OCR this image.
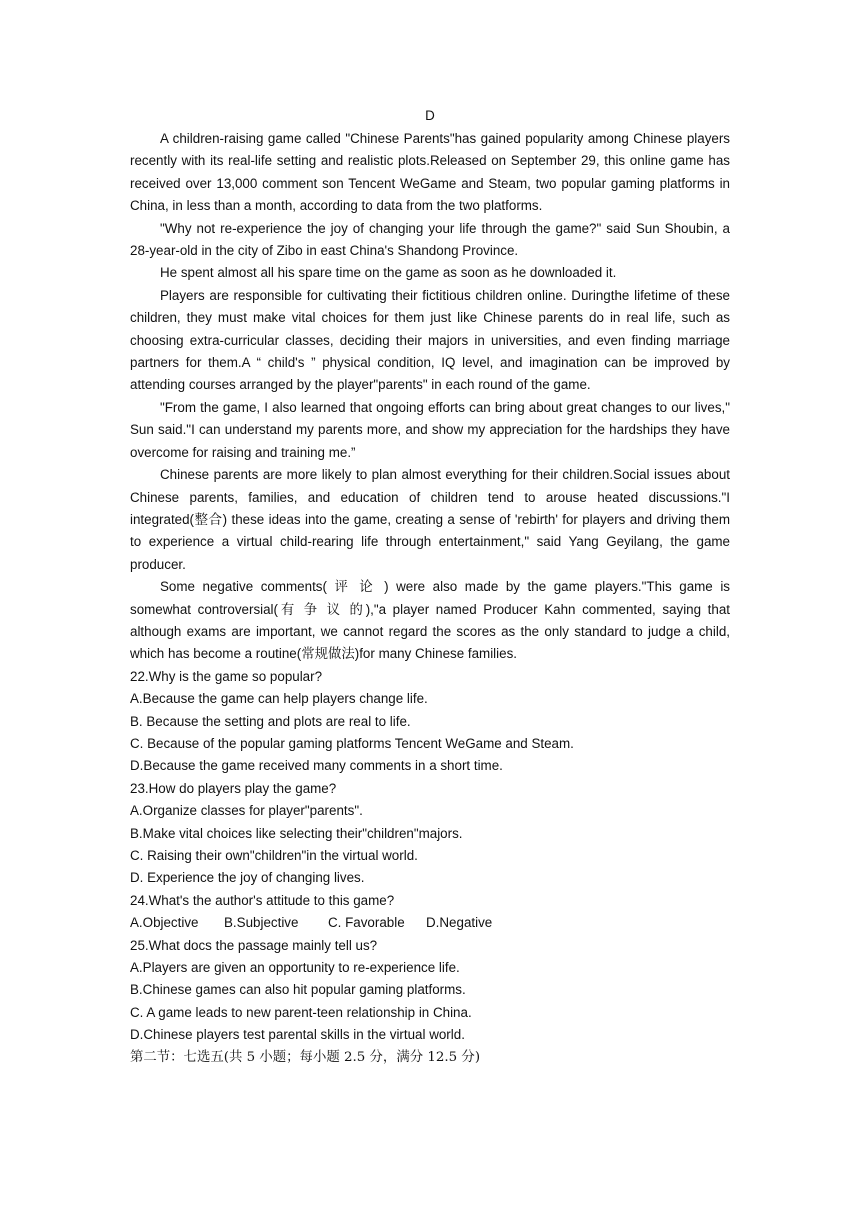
D

A children-raising game called "Chinese Parents"has gained popularity among Chinese players recently with its real-life setting and realistic plots.Released on September 29, this online game has received over 13,000 comment son Tencent WeGame and Steam, two popular gaming platforms in China, in less than a month, according to data from the two platforms.

"Why not re-experience the joy of changing your life through the game?" said Sun Shoubin, a 28-year-old in the city of Zibo in east China's Shandong Province.

He spent almost all his spare time on the game as soon as he downloaded it.

Players are responsible for cultivating their fictitious children online. Duringthe lifetime of these children, they must make vital choices for them just like Chinese parents do in real life, such as choosing extra-curricular classes, deciding their majors in universities, and even finding marriage partners for them.A “ child's ” physical condition, IQ level, and imagination can be improved by attending courses arranged by the player"parents" in each round of the game.

"From the game, I also learned that ongoing efforts can bring about great changes to our lives," Sun said."I can understand my parents more, and show my appreciation for the hardships they have overcome for raising and training me.”

Chinese parents are more likely to plan almost everything for their children.Social issues about Chinese parents, families, and education of children tend to arouse heated discussions."I integrated(整合) these ideas into the game, creating a sense of 'rebirth' for players and driving them to experience a virtual child-rearing life through entertainment," said Yang Geyilang, the game producer.

Some negative comments( 评 论 ) were also made by the game players."This game is somewhat controversial(有 争 议 的),"a player named Producer Kahn commented, saying that although exams are important, we cannot regard the scores as the only standard to judge a child, which has become a routine(常规做法)for many Chinese families.

22.Why is the game so popular?

A.Because the game can help players change life.

B. Because the setting and plots are real to life.

C. Because of the popular gaming platforms Tencent WeGame and Steam.

D.Because the game received many comments in a short time.

23.How do players play the game?

A.Organize classes for player"parents".

B.Make vital choices like selecting their"children"majors.

C. Raising their own"children"in the virtual world.

D. Experience the joy of changing lives.

24.What's the author's attitude to this game?

A.Objective	B.Subjective	C. Favorable	D.Negative

25.What docs the passage mainly tell us?

A.Players are given an opportunity to re-experience life.

B.Chinese games can also hit popular gaming platforms.

C. A game leads to new parent-teen relationship in China.

D.Chinese players test parental skills in the virtual world.

第二节：七选五(共 5 小题；每小题 2.5 分，满分 12.5 分)
